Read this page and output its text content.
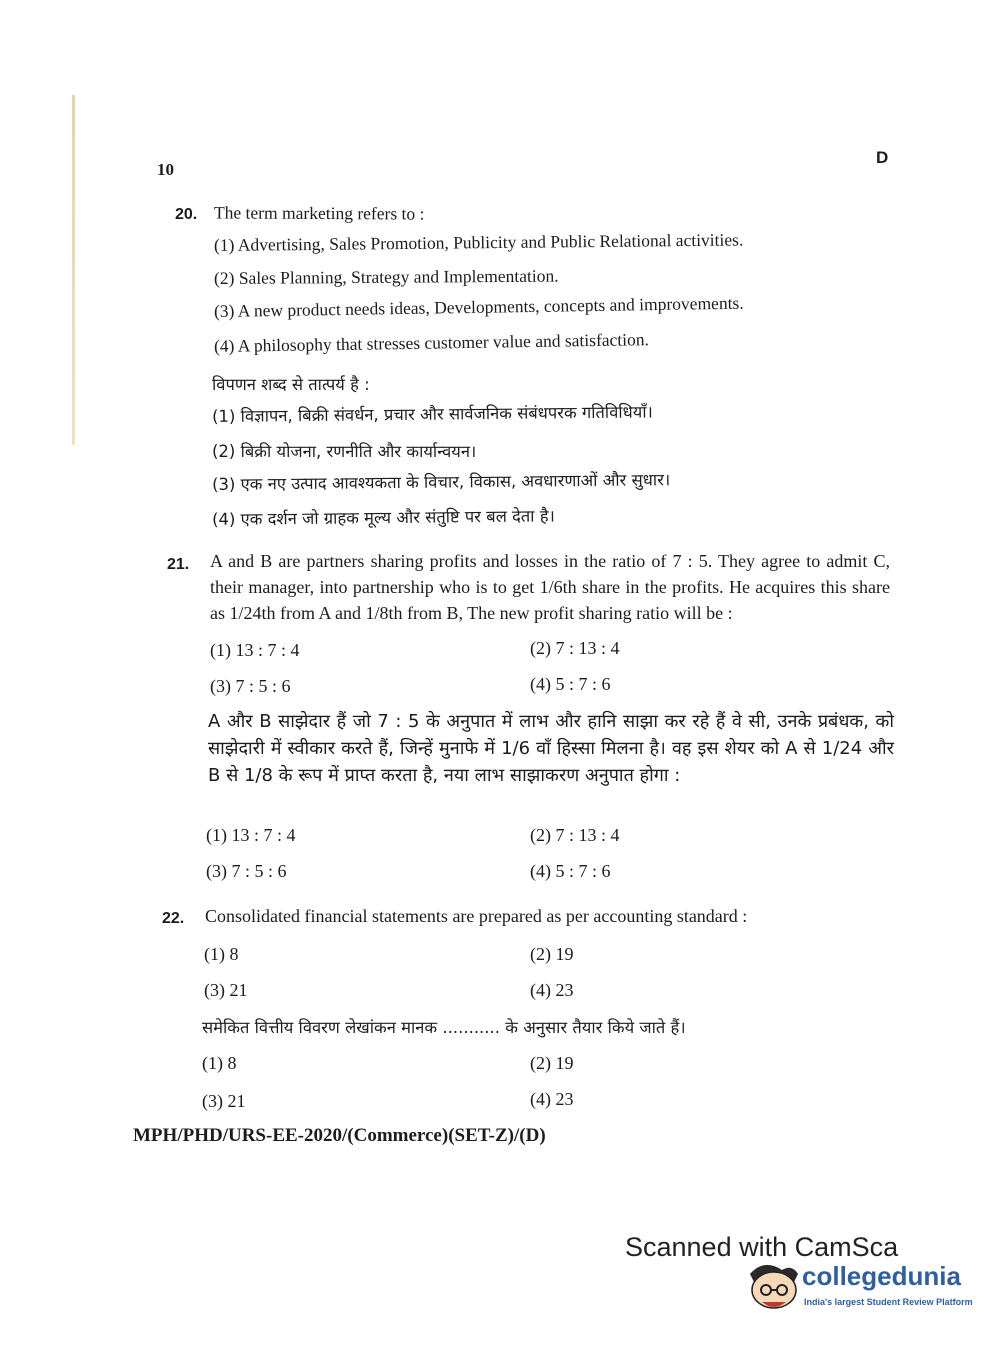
10
D
20. The term marketing refers to :
(1) Advertising, Sales Promotion, Publicity and Public Relational activities.
(2) Sales Planning, Strategy and Implementation.
(3) A new product needs ideas, Developments, concepts and improvements.
(4) A philosophy that stresses customer value and satisfaction.
विपणन शब्द से तात्पर्य है :
(1) विज्ञापन, बिक्री संवर्धन, प्रचार और सार्वजनिक संबंधपरक गतिविधियाँ।
(2) बिक्री योजना, रणनीति और कार्यान्वयन।
(3) एक नए उत्पाद आवश्यकता के विचार, विकास, अवधारणाओं और सुधार।
(4) एक दर्शन जो ग्राहक मूल्य और संतुष्टि पर बल देता है।
21. A and B are partners sharing profits and losses in the ratio of 7 : 5. They agree to admit C, their manager, into partnership who is to get 1/6th share in the profits. He acquires this share as 1/24th from A and 1/8th from B, The new profit sharing ratio will be :
(1) 13 : 7 : 4	(2) 7 : 13 : 4
(3) 7 : 5 : 6	(4) 5 : 7 : 6
A और B साझेदार हैं जो 7 : 5 के अनुपात में लाभ और हानि साझा कर रहे हैं वे सी, उनके प्रबंधक, को साझेदारी में स्वीकार करते हैं, जिन्हें मुनाफे में 1/6 वाँ हिस्सा मिलना है। वह इस शेयर को A से 1/24 और B से 1/8 के रूप में प्राप्त करता है, नया लाभ साझाकरण अनुपात होगा :
(1) 13 : 7 : 4	(2) 7 : 13 : 4
(3) 7 : 5 : 6	(4) 5 : 7 : 6
22. Consolidated financial statements are prepared as per accounting standard :
(1) 8	(2) 19
(3) 21	(4) 23
समेकित वित्तीय विवरण लेखांकन मानक ........... के अनुसार तैयार किये जाते हैं।
(1) 8	(2) 19
(3) 21	(4) 23
MPH/PHD/URS-EE-2020/(Commerce)(SET-Z)/(D)
Scanned with CamSca
collegedunia
India's largest Student Review Platform
